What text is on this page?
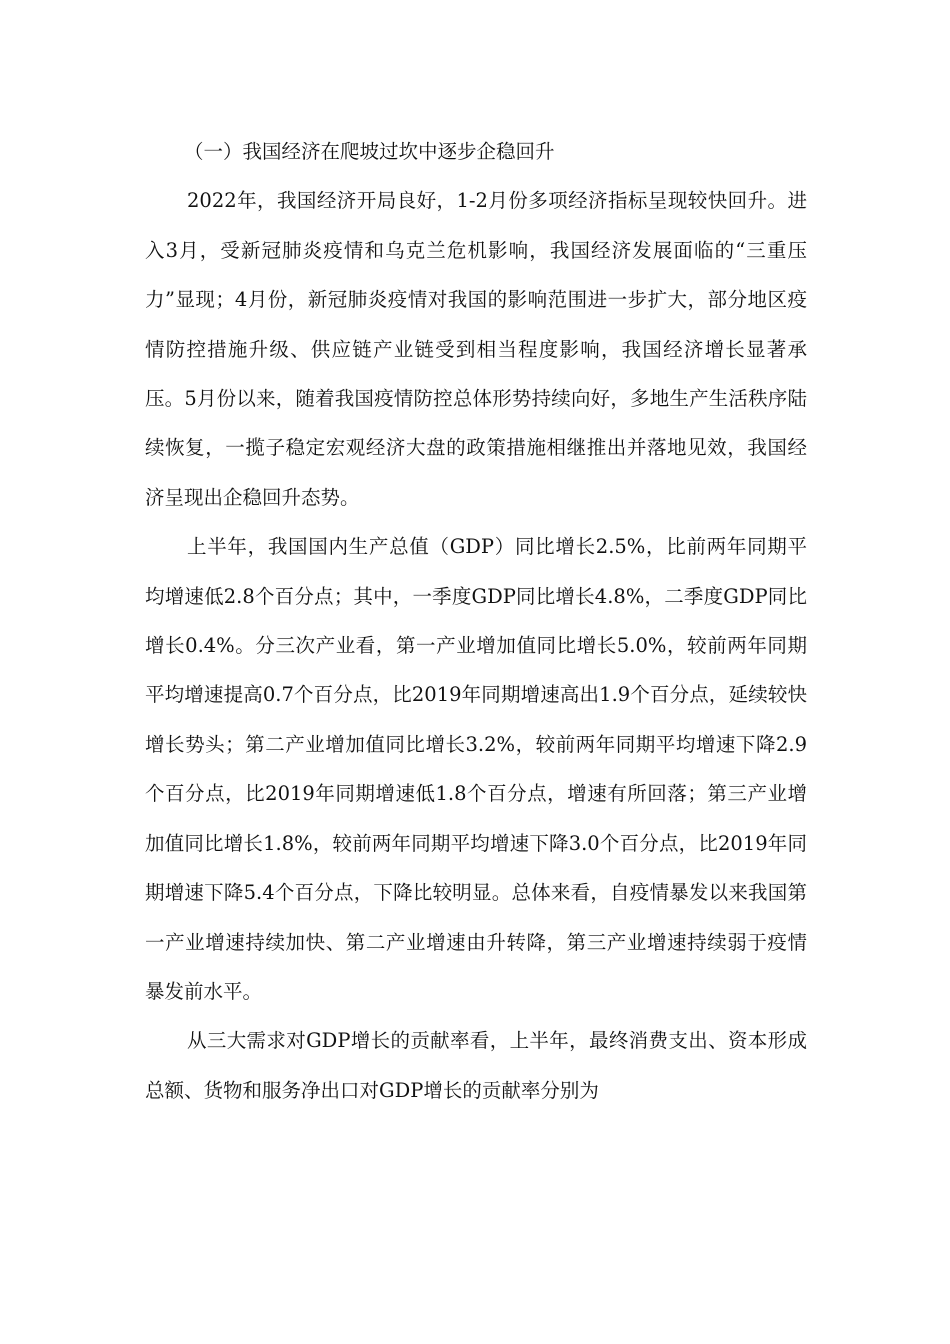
（一）我国经济在爬坡过坎中逐步企稳回升

2022年，我国经济开局良好，1-2月份多项经济指标呈现较快回升。进入3月，受新冠肺炎疫情和乌克兰危机影响，我国经济发展面临的“三重压力”显现；4月份，新冠肺炎疫情对我国的影响范围进一步扩大，部分地区疫情防控措施升级、供应链产业链受到相当程度影响，我国经济增长显著承压。5月份以来，随着我国疫情防控总体形势持续向好，多地生产生活秩序陆续恢复，一揽子稳定宏观经济大盘的政策措施相继推出并落地见效，我国经济呈现出企稳回升态势。

上半年，我国国内生产总值（GDP）同比增长2.5%，比前两年同期平均增速低2.8个百分点；其中，一季度GDP同比增长4.8%，二季度GDP同比增长0.4%。分三次产业看，第一产业增加值同比增长5.0%，较前两年同期平均增速提高0.7个百分点，比2019年同期增速高出1.9个百分点，延续较快增长势头；第二产业增加值同比增长3.2%，较前两年同期平均增速下降2.9个百分点，比2019年同期增速低1.8个百分点，增速有所回落；第三产业增加值同比增长1.8%，较前两年同期平均增速下降3.0个百分点，比2019年同期增速下降5.4个百分点，下降比较明显。总体来看，自疫情暴发以来我国第一产业增速持续加快、第二产业增速由升转降，第三产业增速持续弱于疫情暴发前水平。

从三大需求对GDP增长的贡献率看，上半年，最终消费支出、资本形成总额、货物和服务净出口对GDP增长的贡献率分别为
